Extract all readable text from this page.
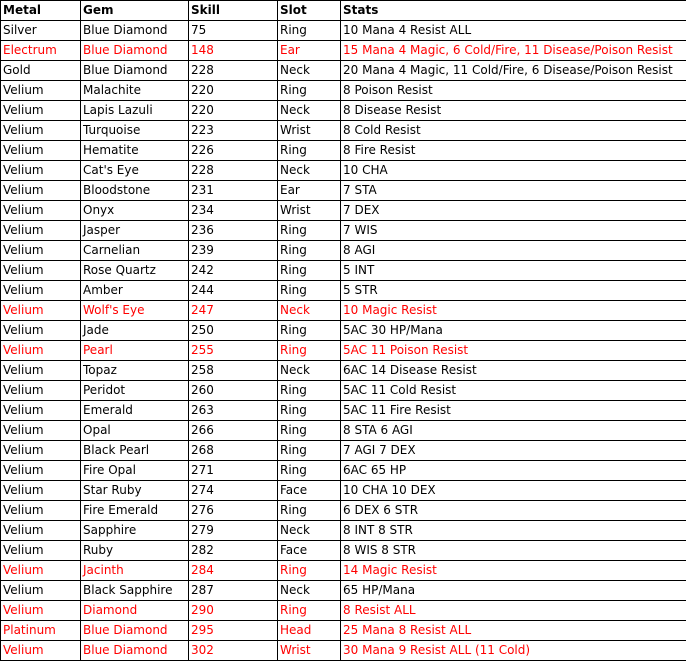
Metal	Gem	Skill	Slot	Stats
Silver	Blue Diamond	75	Ring	10 Mana 4 Resist ALL
Electrum	Blue Diamond	148	Ear	15 Mana 4 Magic, 6 Cold/Fire, 11 Disease/Poison Resist
Gold	Blue Diamond	228	Neck	20 Mana 4 Magic, 11 Cold/Fire, 6 Disease/Poison Resist
Velium	Malachite	220	Ring	8 Poison Resist
Velium	Lapis Lazuli	220	Neck	8 Disease Resist
Velium	Turquoise	223	Wrist	8 Cold Resist
Velium	Hematite	226	Ring	8 Fire Resist
Velium	Cat's Eye	228	Neck	10 CHA
Velium	Bloodstone	231	Ear	7 STA
Velium	Onyx	234	Wrist	7 DEX
Velium	Jasper	236	Ring	7 WIS
Velium	Carnelian	239	Ring	8 AGI
Velium	Rose Quartz	242	Ring	5 INT
Velium	Amber	244	Ring	5 STR
Velium	Wolf's Eye	247	Neck	10 Magic Resist
Velium	Jade	250	Ring	5AC 30 HP/Mana
Velium	Pearl	255	Ring	5AC 11 Poison Resist
Velium	Topaz	258	Neck	6AC 14 Disease Resist
Velium	Peridot	260	Ring	5AC 11 Cold Resist
Velium	Emerald	263	Ring	5AC 11 Fire Resist
Velium	Opal	266	Ring	8 STA 6 AGI
Velium	Black Pearl	268	Ring	7 AGI 7 DEX
Velium	Fire Opal	271	Ring	6AC 65 HP
Velium	Star Ruby	274	Face	10 CHA 10 DEX
Velium	Fire Emerald	276	Ring	6 DEX 6 STR
Velium	Sapphire	279	Neck	8 INT 8 STR
Velium	Ruby	282	Face	8 WIS 8 STR
Velium	Jacinth	284	Ring	14 Magic Resist
Velium	Black Sapphire	287	Neck	65 HP/Mana
Velium	Diamond	290	Ring	8 Resist ALL
Platinum	Blue Diamond	295	Head	25 Mana 8 Resist ALL
Velium	Blue Diamond	302	Wrist	30 Mana 9 Resist ALL (11 Cold)
